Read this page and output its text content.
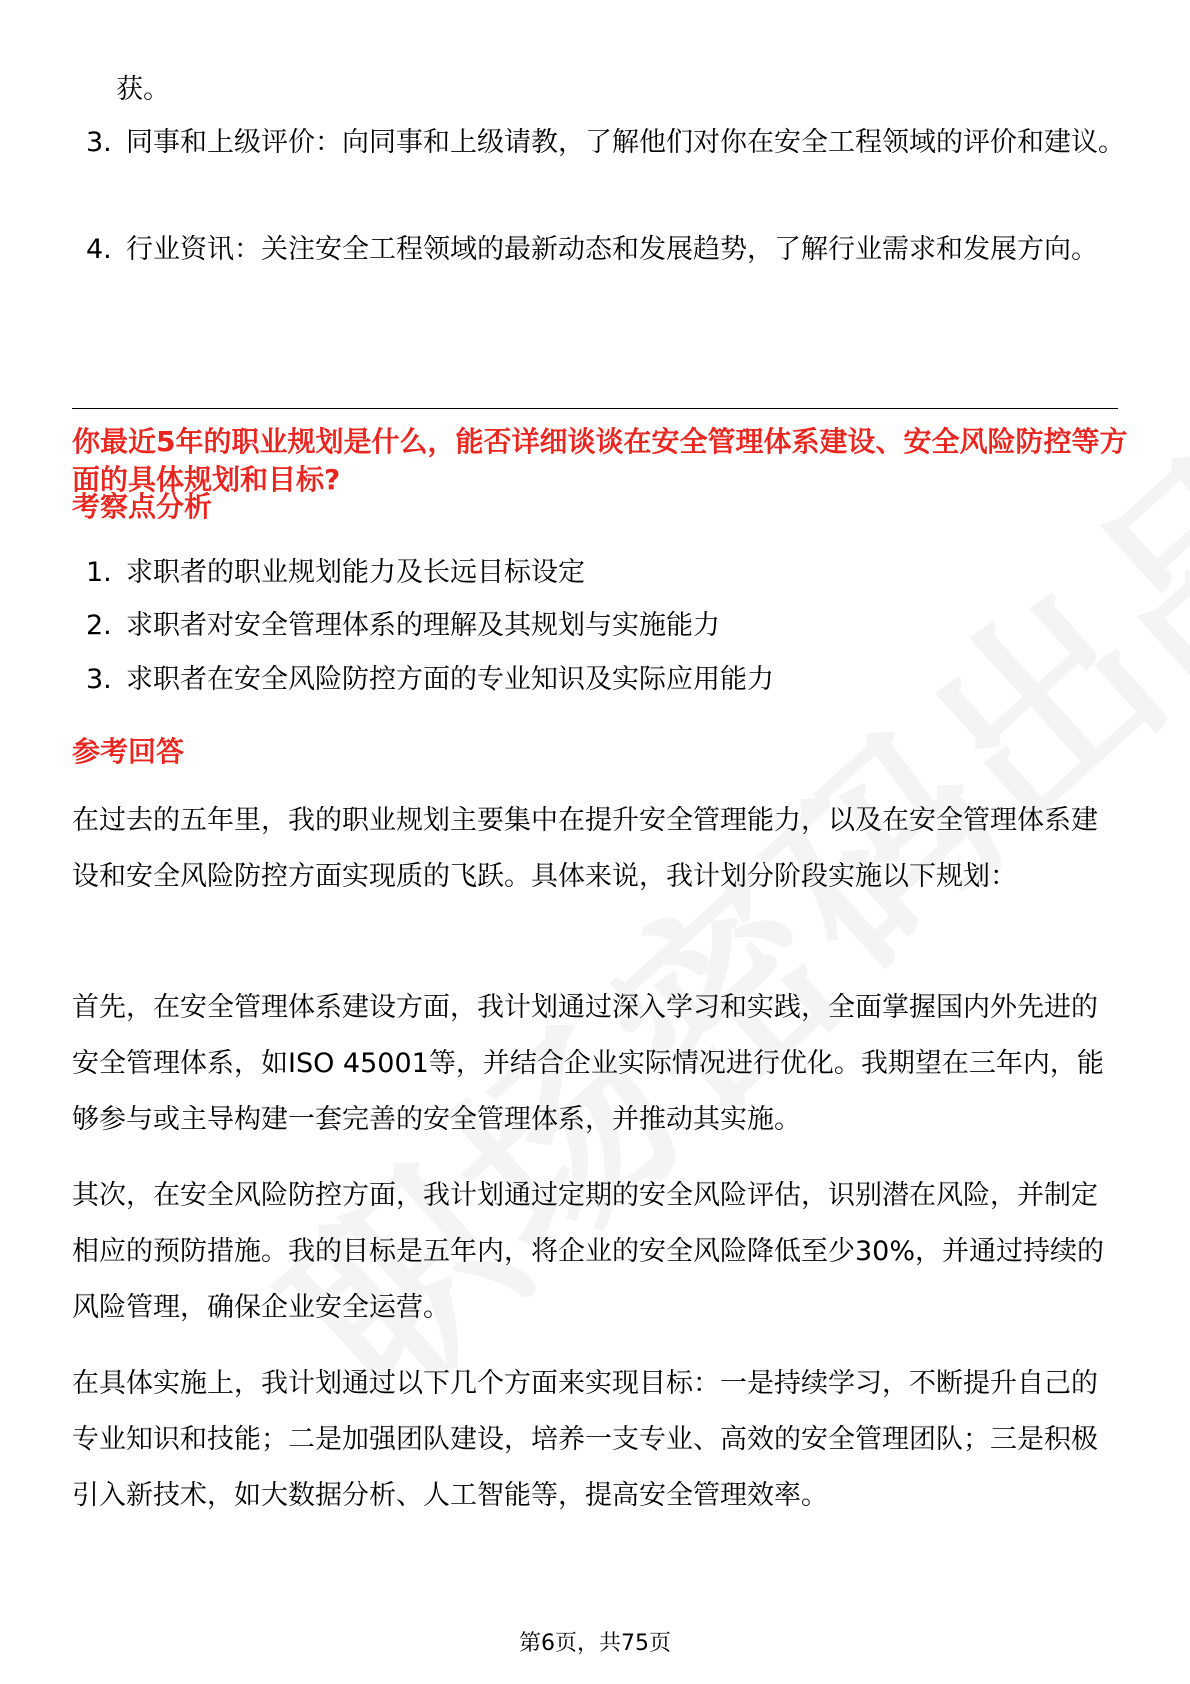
获。
3. 同事和上级评价：向同事和上级请教，了解他们对你在安全工程领域的评价和建议。
4. 行业资讯：关注安全工程领域的最新动态和发展趋势，了解行业需求和发展方向。
你最近5年的职业规划是什么，能否详细谈谈在安全管理体系建设、安全风险防控等方面的具体规划和目标?
考察点分析
1. 求职者的职业规划能力及长远目标设定
2. 求职者对安全管理体系的理解及其规划与实施能力
3. 求职者在安全风险防控方面的专业知识及实际应用能力
参考回答

在过去的五年里，我的职业规划主要集中在提升安全管理能力，以及在安全管理体系建设和安全风险防控方面实现质的飞跃。具体来说，我计划分阶段实施以下规划：

首先，在安全管理体系建设方面，我计划通过深入学习和实践，全面掌握国内外先进的安全管理体系，如ISO 45001等，并结合企业实际情况进行优化。我期望在三年内，能够参与或主导构建一套完善的安全管理体系，并推动其实施。

其次，在安全风险防控方面，我计划通过定期的安全风险评估，识别潜在风险，并制定相应的预防措施。我的目标是五年内，将企业的安全风险降低至少30%，并通过持续的风险管理，确保企业安全运营。

在具体实施上，我计划通过以下几个方面来实现目标：一是持续学习，不断提升自己的专业知识和技能；二是加强团队建设，培养一支专业、高效的安全管理团队；三是积极引入新技术，如大数据分析、人工智能等，提高安全管理效率。

第6页，共75页
